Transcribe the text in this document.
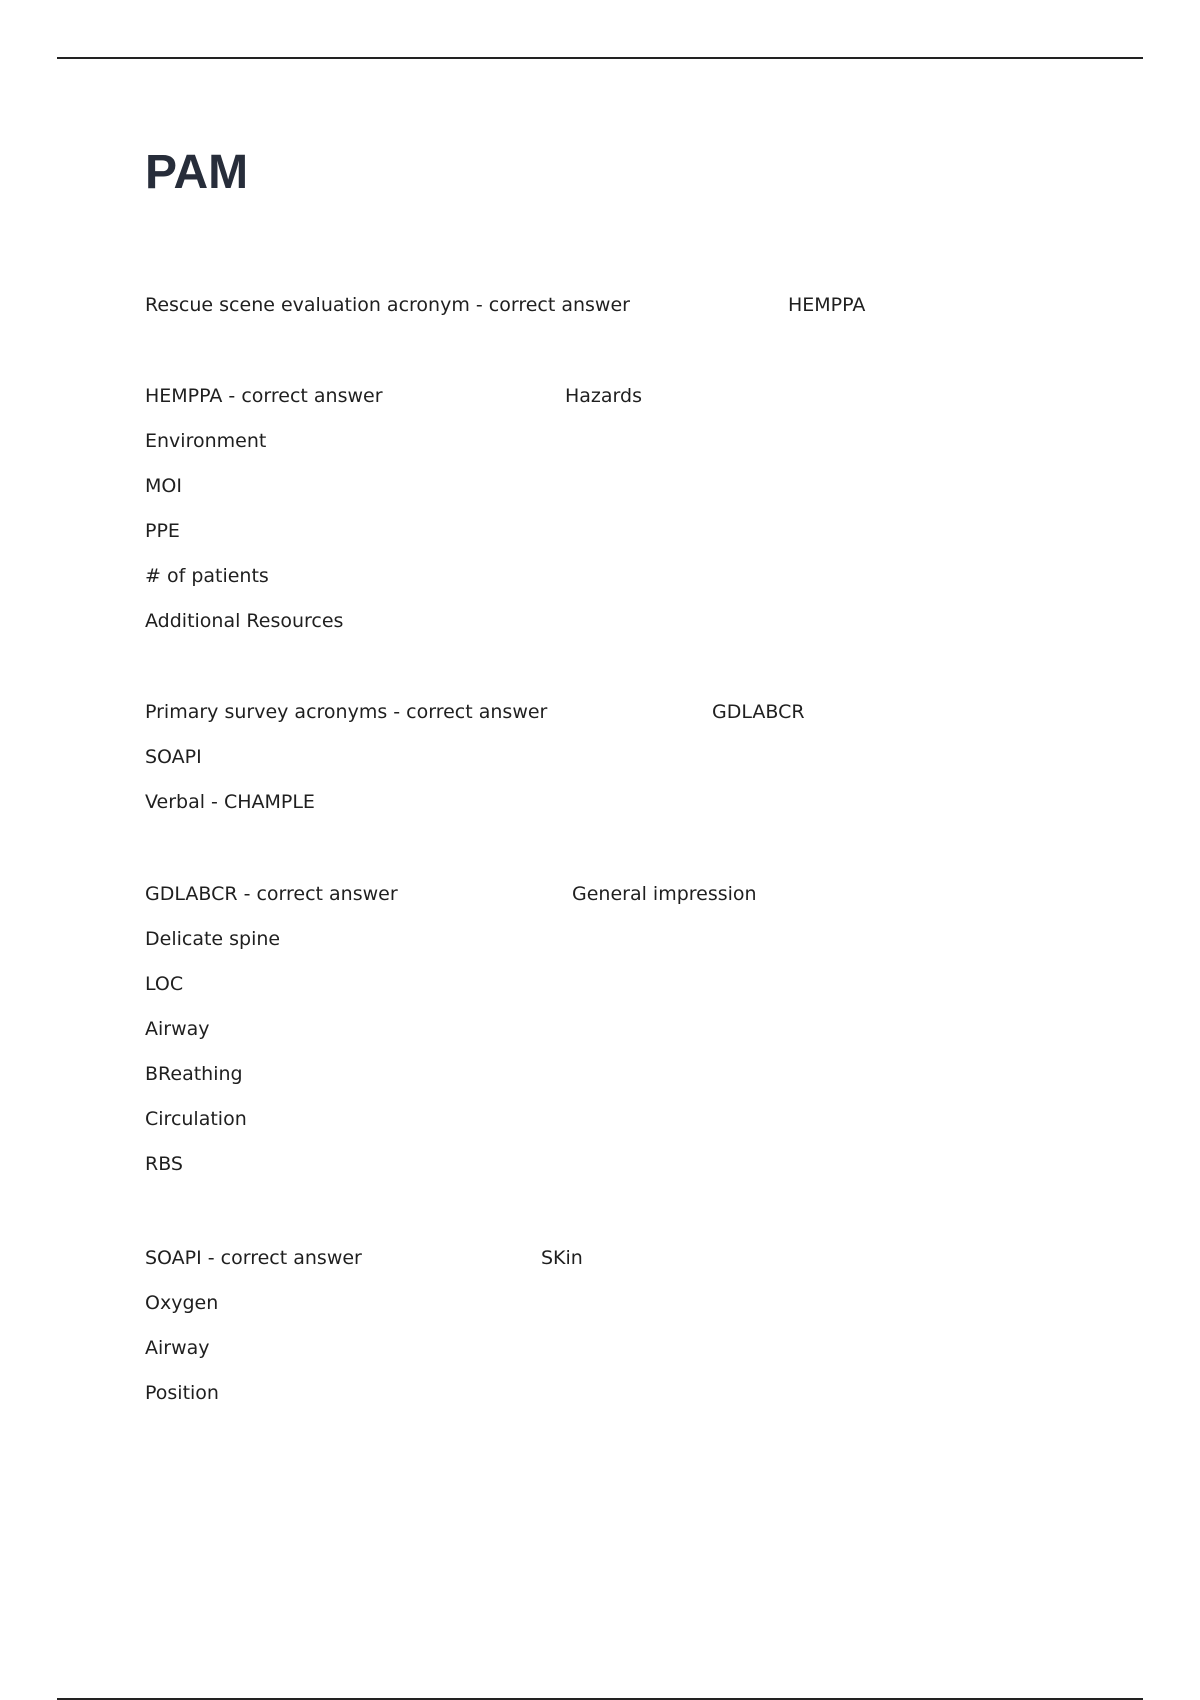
PAM
Rescue scene evaluation acronym - correct answer	HEMPPA
HEMPPA - correct answer	Hazards
Environment
MOI
PPE
# of patients
Additional Resources
Primary survey acronyms - correct answer	GDLABCR
SOAPI
Verbal - CHAMPLE
GDLABCR - correct answer	General impression
Delicate spine
LOC
Airway
BReathing
Circulation
RBS
SOAPI - correct answer	SKin
Oxygen
Airway
Position
